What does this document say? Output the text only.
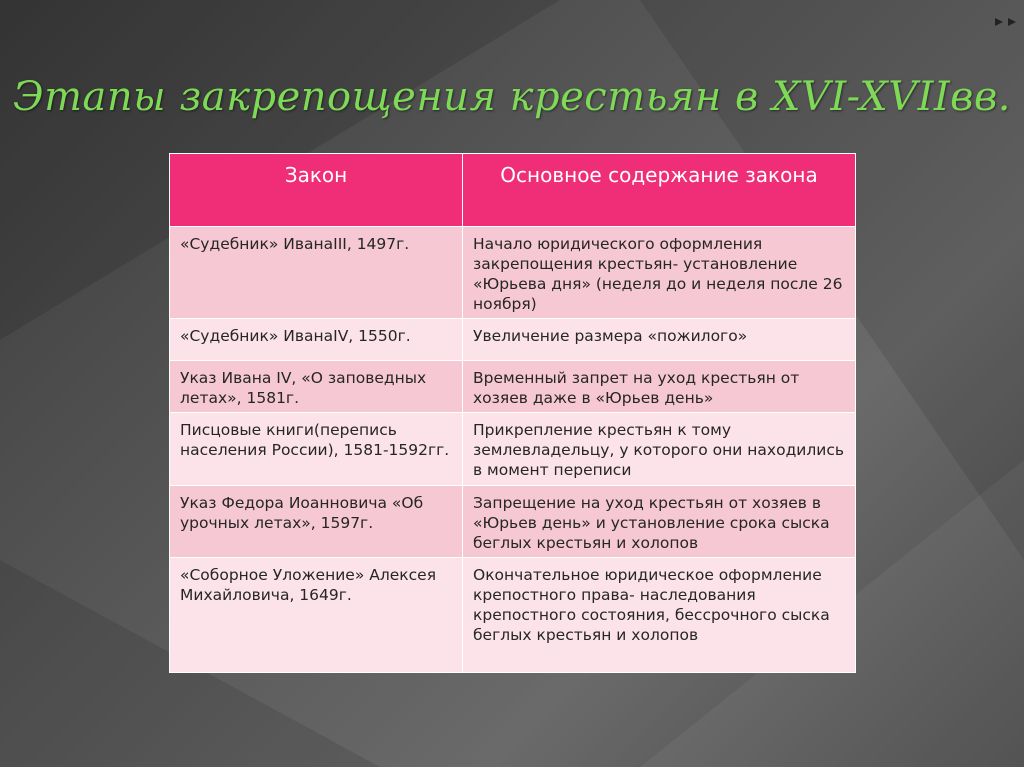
Этапы закрепощения крестьян в XVI-XVIIвв.
Закон	Основное содержание закона
«Судебник» ИванаIII, 1497г.	Начало юридического оформления закрепощения крестьян- установление «Юрьева дня» (неделя до и неделя после 26 ноября)
«Судебник» ИванаIV, 1550г.	Увеличение размера «пожилого»
Указ Ивана IV, «О заповедных летах», 1581г.	Временный запрет на уход крестьян от хозяев даже в «Юрьев день»
Писцовые книги(перепись населения России), 1581-1592гг.	Прикрепление крестьян к тому землевладельцу, у которого они находились в момент переписи
Указ Федора Иоанновича «Об урочных летах», 1597г.	Запрещение на уход крестьян от хозяев в «Юрьев день» и установление срока сыска беглых крестьян и холопов
«Соборное Уложение» Алексея Михайловича, 1649г.	Окончательное юридическое оформление крепостного права- наследования крепостного состояния, бессрочного сыска беглых крестьян и холопов
